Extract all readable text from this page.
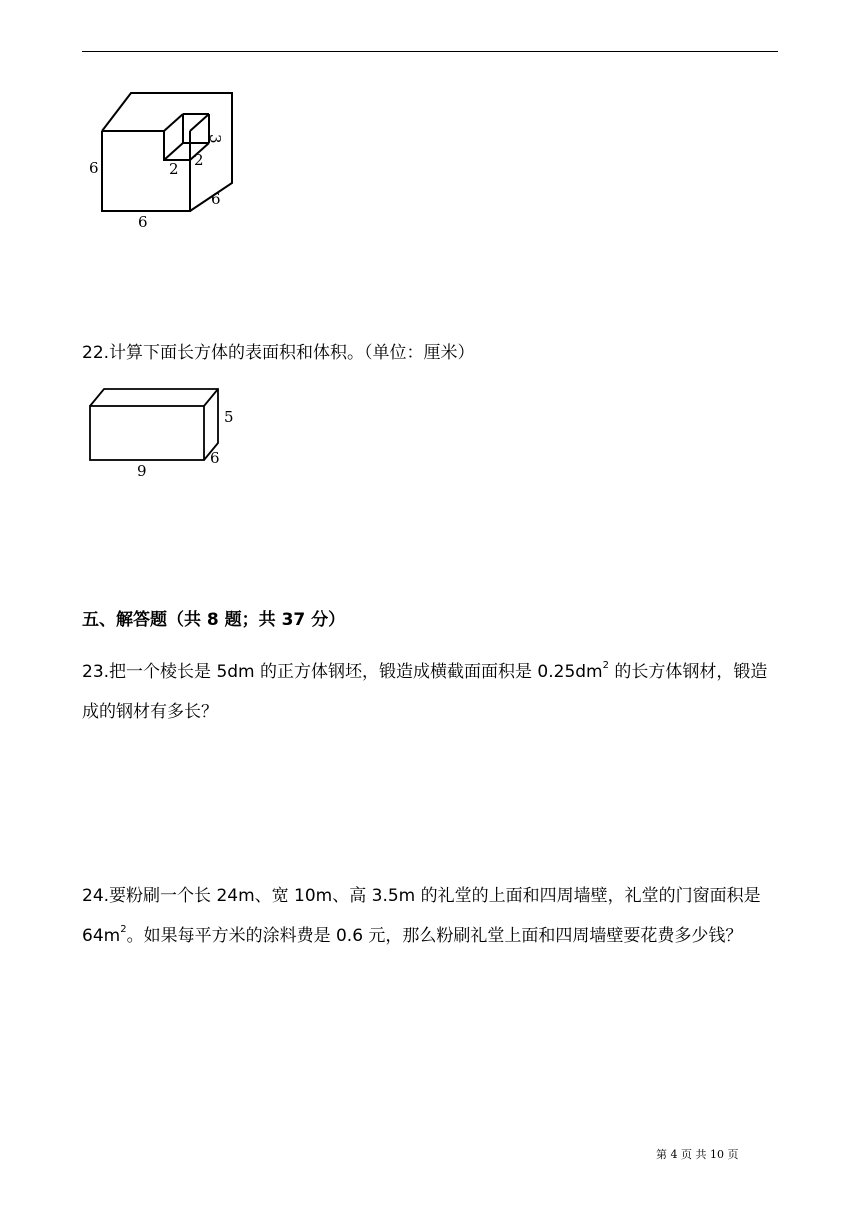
6
6
6
2 2
3

22.计算下面长方体的表面积和体积。（单位：厘米）

5
9
6
五、解答题（共 8 题；共 37 分）

23.把一个棱长是 5dm 的正方体钢坯，锻造成横截面面积是 $0.25dm^2$ 的长方体钢材，锻造成的钢材有多长？

24.要粉刷一个长 24m、宽 10m、高 3.5m 的礼堂的上面和四周墙壁，礼堂的门窗面积是 $64m^2$。如果每平方米的涂料费是 0.6 元，那么粉刷礼堂上面和四周墙壁要花费多少钱？

第 4 页 共 10 页
